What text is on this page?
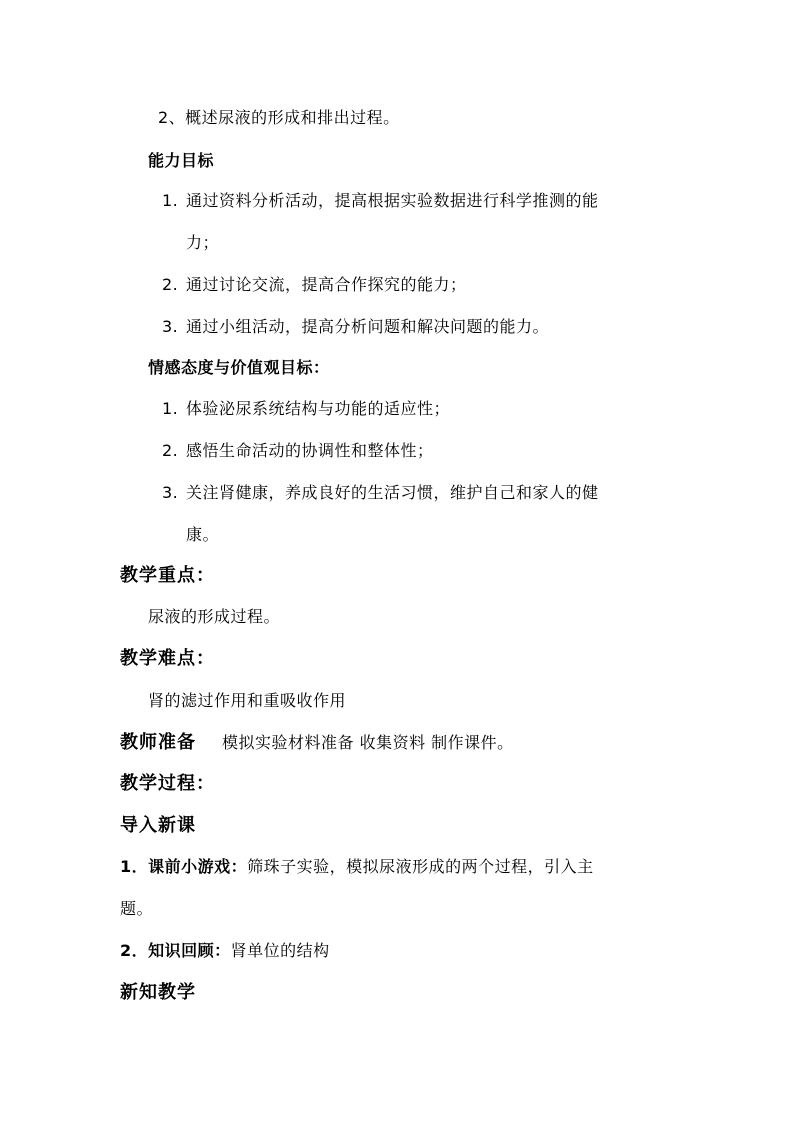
2、概述尿液的形成和排出过程。
能力目标
1. 通过资料分析活动，提高根据实验数据进行科学推测的能
力；
2. 通过讨论交流，提高合作探究的能力；
3. 通过小组活动，提高分析问题和解决问题的能力。
情感态度与价值观目标：
1. 体验泌尿系统结构与功能的适应性；
2. 感悟生命活动的协调性和整体性；
3. 关注肾健康，养成良好的生活习惯，维护自己和家人的健
康。
教学重点：
尿液的形成过程。
教学难点：
肾的滤过作用和重吸收作用
教师准备 模拟实验材料准备 收集资料 制作课件。
教学过程：
导入新课
1．课前小游戏：筛珠子实验，模拟尿液形成的两个过程，引入主
题。
2．知识回顾：肾单位的结构
新知教学
